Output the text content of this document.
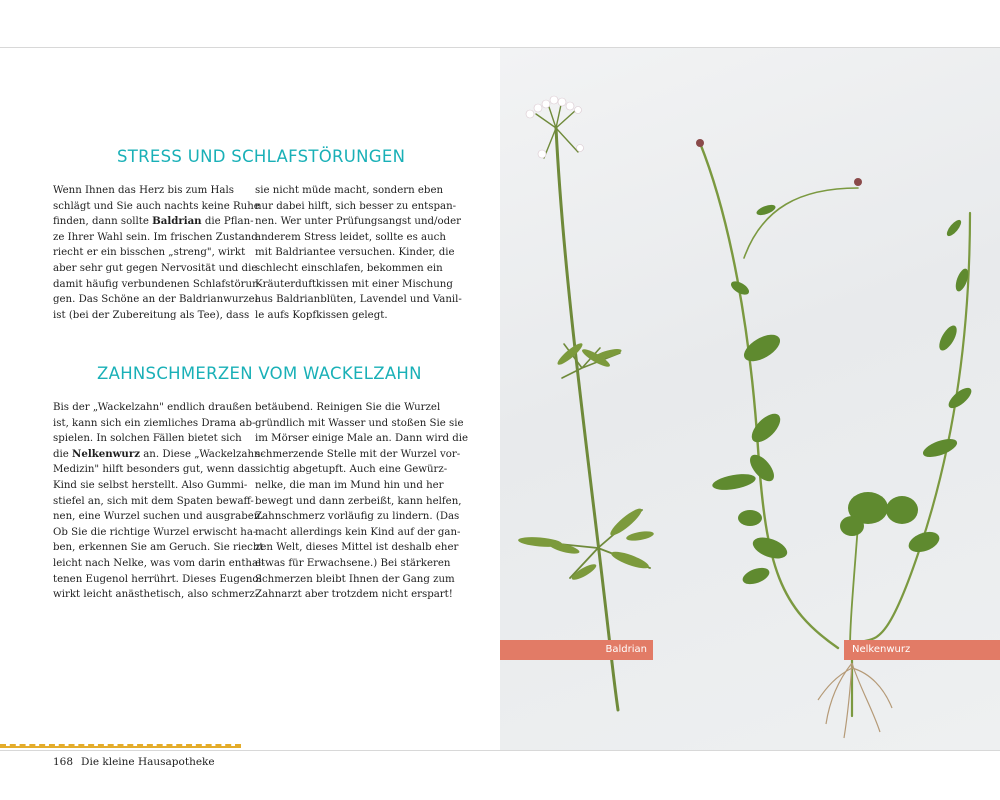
STRESS UND SCHLAFSTÖRUNGEN

Wenn Ihnen das Herz bis zum Hals
schlägt und Sie auch nachts keine Ruhe
finden, dann sollte Baldrian die Pflan-
ze Ihrer Wahl sein. Im frischen Zustand
riecht er ein bisschen „streng", wirkt
aber sehr gut gegen Nervosität und die
damit häufig verbundenen Schlafstörun-
gen. Das Schöne an der Baldrianwurzel
ist (bei der Zubereitung als Tee), dass

sie nicht müde macht, sondern eben
nur dabei hilft, sich besser zu entspan-
nen. Wer unter Prüfungsangst und/oder
anderem Stress leidet, sollte es auch
mit Baldriantee versuchen. Kinder, die
schlecht einschlafen, bekommen ein
Kräuterduftkissen mit einer Mischung
aus Baldrianblüten, Lavendel und Vanil-
le aufs Kopfkissen gelegt.

ZAHNSCHMERZEN VOM WACKELZAHN

Bis der „Wackelzahn" endlich draußen
ist, kann sich ein ziemliches Drama ab-
spielen. In solchen Fällen bietet sich
die Nelkenwurz an. Diese „Wackelzahn-
Medizin" hilft besonders gut, wenn das
Kind sie selbst herstellt. Also Gummi-
stiefel an, sich mit dem Spaten bewaff-
nen, eine Wurzel suchen und ausgraben.
Ob Sie die richtige Wurzel erwischt ha-
ben, erkennen Sie am Geruch. Sie riecht
leicht nach Nelke, was vom darin enthal-
tenen Eugenol herrührt. Dieses Eugenol
wirkt leicht anästhetisch, also schmerz-

betäubend. Reinigen Sie die Wurzel
gründlich mit Wasser und stoßen Sie sie
im Mörser einige Male an. Dann wird die
schmerzende Stelle mit der Wurzel vor-
sichtig abgetupft. Auch eine Gewürz-
nelke, die man im Mund hin und her
bewegt und dann zerbeißt, kann helfen,
Zahnschmerz vorläufig zu lindern. (Das
macht allerdings kein Kind auf der gan-
zen Welt, dieses Mittel ist deshalb eher
etwas für Erwachsene.) Bei stärkeren
Schmerzen bleibt Ihnen der Gang zum
Zahnarzt aber trotzdem nicht erspart!

168 Die kleine Hausapotheke
Baldrian	Nelkenwurz
